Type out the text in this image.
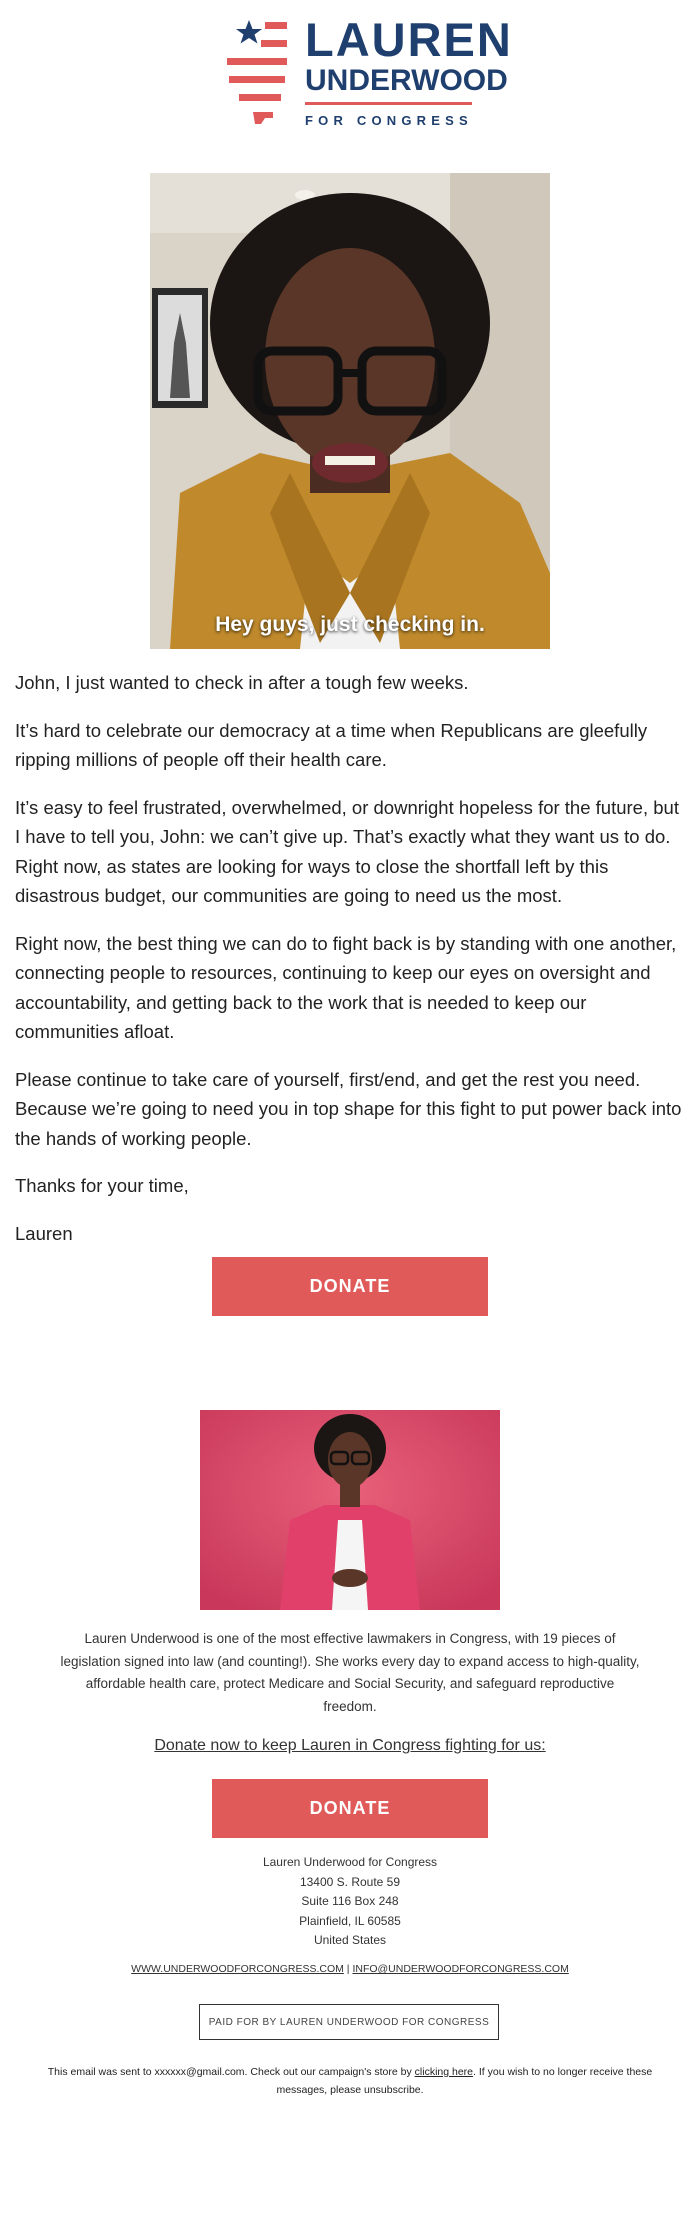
LAUREN
UNDERWOOD
FOR CONGRESS
Hey guys, just checking in.

John, I just wanted to check in after a tough few weeks.

It’s hard to celebrate our democracy at a time when Republicans are gleefully ripping millions of people off their health care.

It’s easy to feel frustrated, overwhelmed, or downright hopeless for the future, but I have to tell you, John: we can’t give up. That’s exactly what they want us to do. Right now, as states are looking for ways to close the shortfall left by this disastrous budget, our communities are going to need us the most.

Right now, the best thing we can do to fight back is by standing with one another, connecting people to resources, continuing to keep our eyes on oversight and accountability, and getting back to the work that is needed to keep our communities afloat.

Please continue to take care of yourself, first/end, and get the rest you need. Because we’re going to need you in top shape for this fight to put power back into the hands of working people.

Thanks for your time,

Lauren

DONATE
Lauren Underwood is one of the most effective lawmakers in Congress, with 19 pieces of legislation signed into law (and counting!). She works every day to expand access to high-quality, affordable health care, protect Medicare and Social Security, and safeguard reproductive freedom.
Donate now to keep Lauren in Congress fighting for us:
DONATE
Lauren Underwood for Congress
13400 S. Route 59
Suite 116 Box 248
Plainfield, IL 60585
United States
WWW.UNDERWOODFORCONGRESS.COM | INFO@UNDERWOODFORCONGRESS.COM
PAID FOR BY LAUREN UNDERWOOD FOR CONGRESS
This email was sent to xxxxxx@gmail.com. Check out our campaign's store by clicking here. If you wish to no longer receive these messages, please unsubscribe.
